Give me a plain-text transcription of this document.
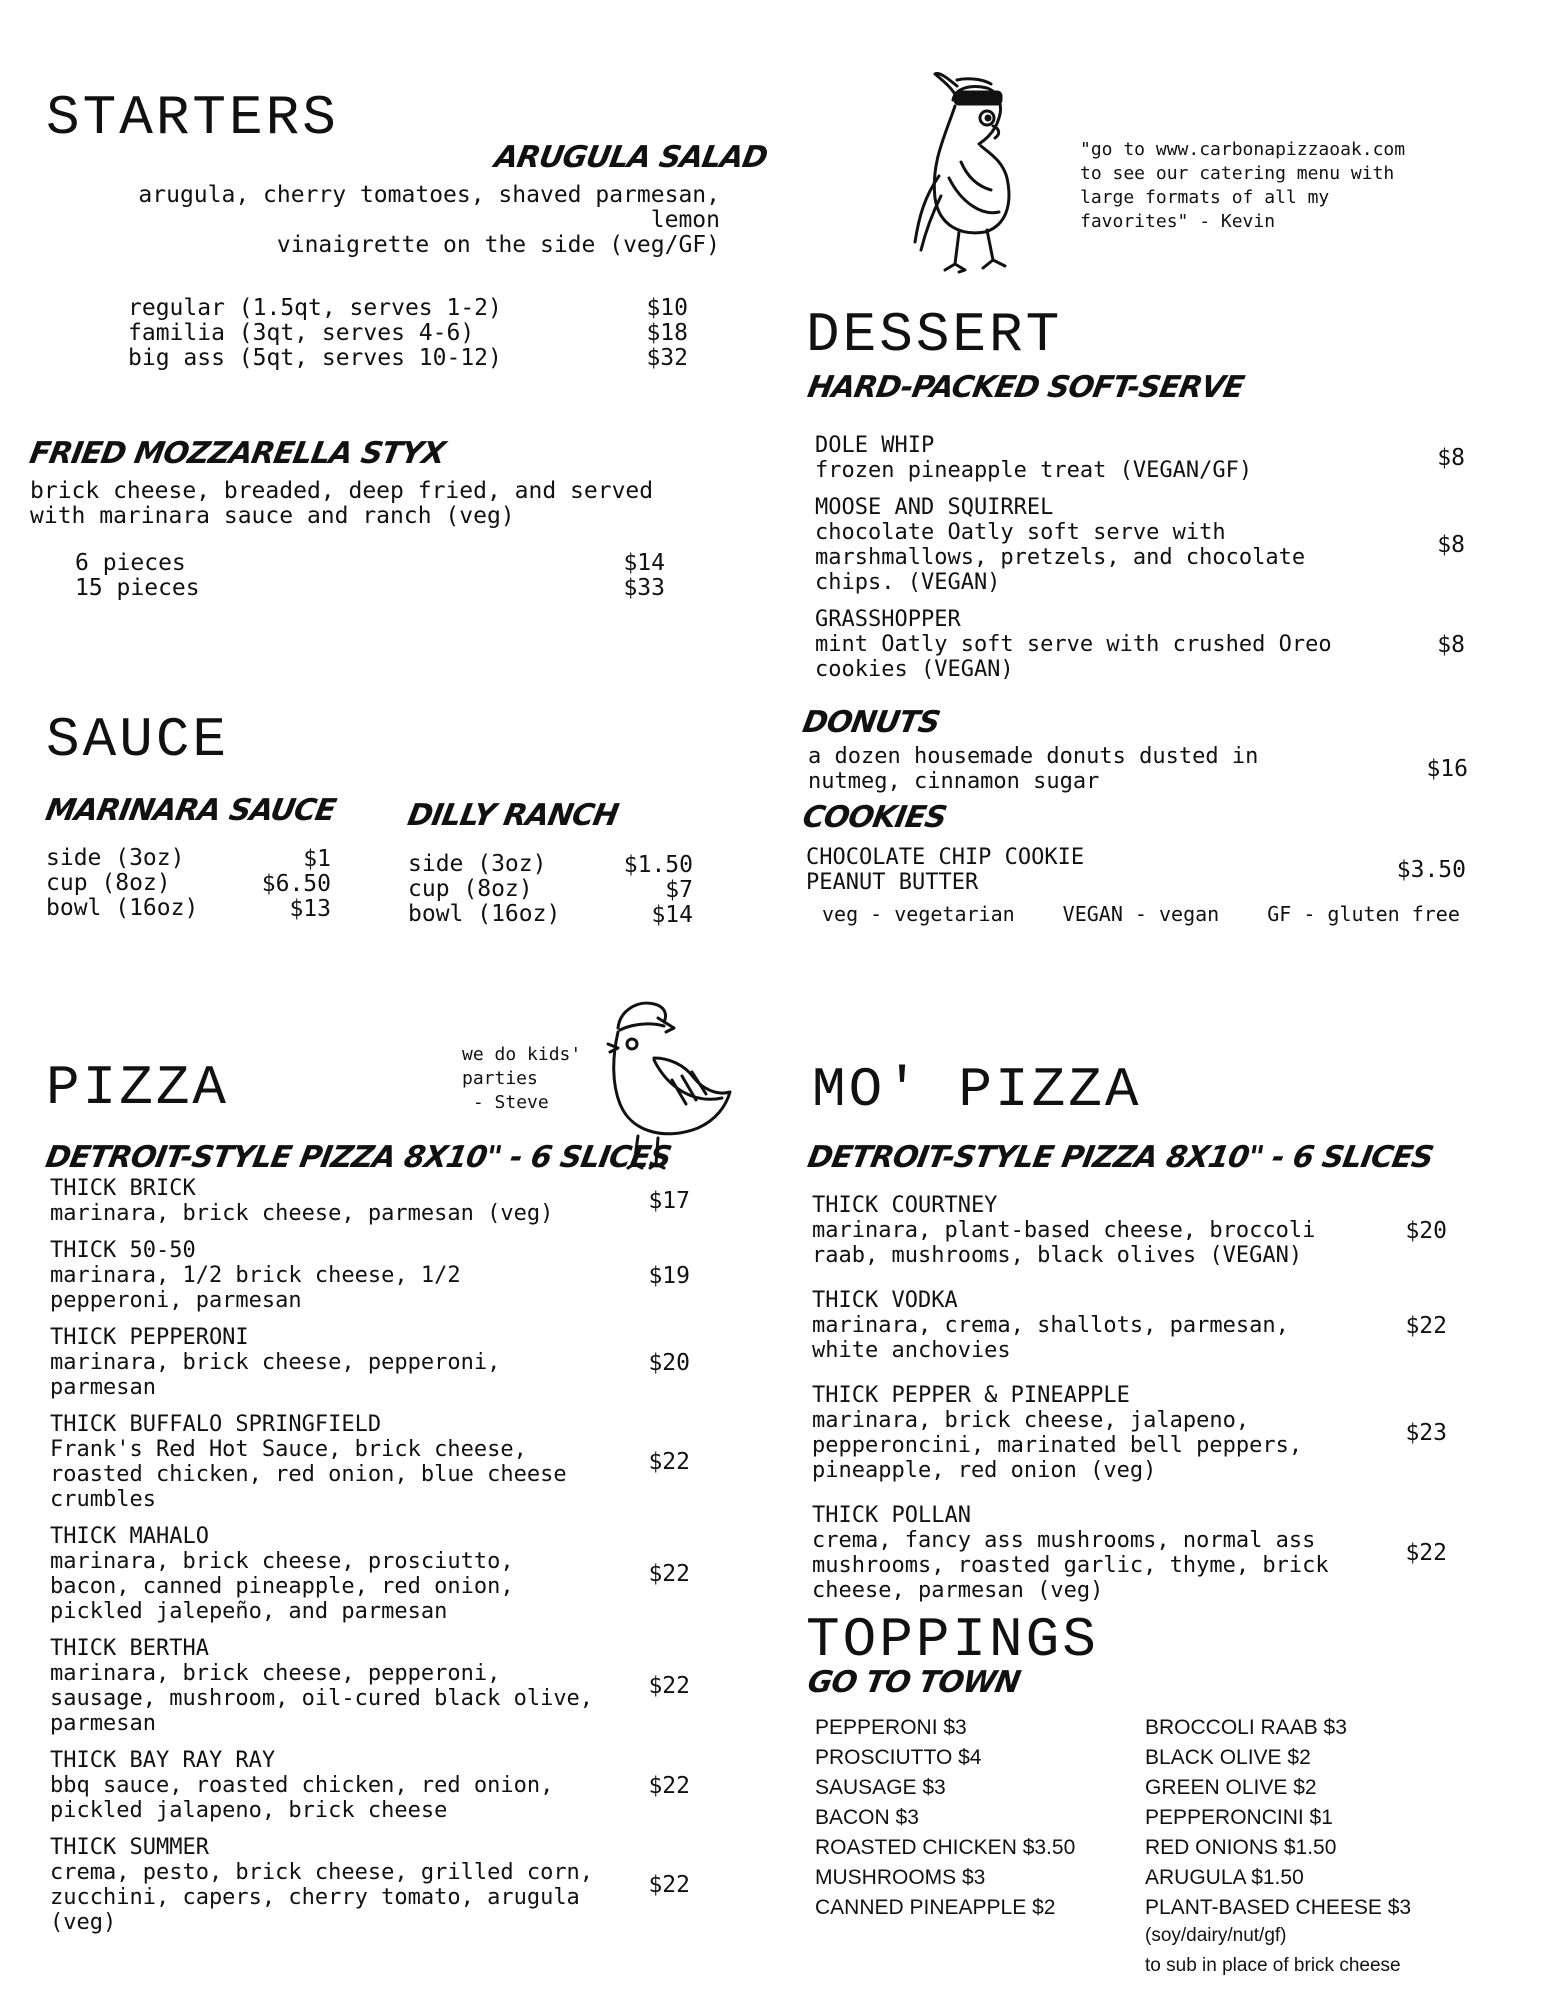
STARTERS
ARUGULA SALAD
arugula, cherry tomatoes, shaved parmesan, lemon
vinaigrette on the side (veg/GF)
regular (1.5qt, serves 1-2)	$10
familia (3qt, serves 4-6)	$18
big ass (5qt, serves 10-12)	$32
FRIED MOZZARELLA STYX
brick cheese, breaded, deep fried, and served
with marinara sauce and ranch (veg)
6 pieces	$14
15 pieces	$33
SAUCE
MARINARA SAUCE
side (3oz)	$1
cup (8oz)	$6.50
bowl (16oz)	$13
DILLY RANCH
side (3oz)	$1.50
cup (8oz)	$7
bowl (16oz)	$14
"go to www.carbonapizzaoak.com
to see our catering menu with
large formats of all my
favorites" - Kevin
DESSERT
HARD-PACKED SOFT-SERVE
DOLE WHIP
frozen pineapple treat (VEGAN/GF)	$8
MOOSE AND SQUIRREL
chocolate Oatly soft serve with
marshmallows, pretzels, and chocolate
chips. (VEGAN)
$8
GRASSHOPPER
mint Oatly soft serve with crushed Oreo
cookies (VEGAN)
$8
DONUTS
a dozen housemade donuts dusted in
nutmeg, cinnamon sugar	$16
COOKIES
CHOCOLATE CHIP COOKIE
PEANUT BUTTER	$3.50
veg - vegetarian VEGAN - vegan GF - gluten free
PIZZA
we do kids'
parties
- Steve
DETROIT-STYLE PIZZA 8X10" - 6 SLICES
THICK BRICK
marinara, brick cheese, parmesan (veg)	$17
THICK 50-50
marinara, 1/2 brick cheese, 1/2
pepperoni, parmesan
$19
THICK PEPPERONI
marinara, brick cheese, pepperoni,
parmesan
$20
THICK BUFFALO SPRINGFIELD
Frank's Red Hot Sauce, brick cheese,
roasted chicken, red onion, blue cheese
crumbles
$22
THICK MAHALO
marinara, brick cheese, prosciutto,
bacon, canned pineapple, red onion,
pickled jalepeño, and parmesan
$22
THICK BERTHA
marinara, brick cheese, pepperoni,
sausage, mushroom, oil-cured black olive,
parmesan
$22
THICK BAY RAY RAY
bbq sauce, roasted chicken, red onion,
pickled jalapeno, brick cheese
$22
THICK SUMMER
crema, pesto, brick cheese, grilled corn,
zucchini, capers, cherry tomato, arugula
(veg)
$22
MO' PIZZA
DETROIT-STYLE PIZZA 8X10" - 6 SLICES
THICK COURTNEY
marinara, plant-based cheese, broccoli
raab, mushrooms, black olives (VEGAN)
$20
THICK VODKA
marinara, crema, shallots, parmesan,
white anchovies
$22
THICK PEPPER & PINEAPPLE
marinara, brick cheese, jalapeno,
pepperoncini, marinated bell peppers,
pineapple, red onion (veg)
$23
THICK POLLAN
crema, fancy ass mushrooms, normal ass
mushrooms, roasted garlic, thyme, brick
cheese, parmesan (veg)
$22
TOPPINGS
GO TO TOWN
PEPPERONI $3
PROSCIUTTO $4
SAUSAGE $3
BACON $3
ROASTED CHICKEN $3.50
MUSHROOMS $3
CANNED PINEAPPLE $2
BROCCOLI RAAB $3
BLACK OLIVE $2
GREEN OLIVE $2
PEPPERONCINI $1
RED ONIONS $1.50
ARUGULA $1.50
PLANT-BASED CHEESE $3
(soy/dairy/nut/gf)
to sub in place of brick cheese
